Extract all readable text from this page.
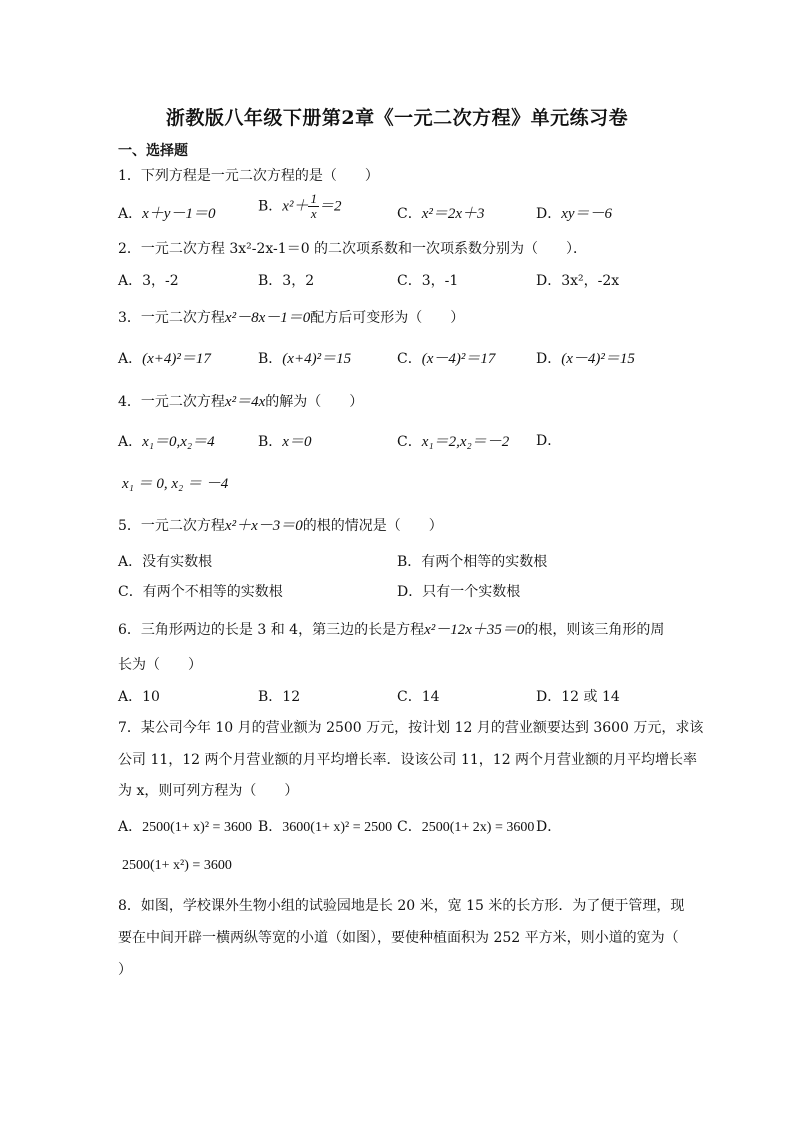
浙教版八年级下册第2章《一元二次方程》单元练习卷
一、选择题
1．下列方程是一元二次方程的是（　　）
A．x＋y－1＝0	B．$x^2+ \frac{1}{x} =2$	C．x²＝2x＋3	D．xy＝－6
2．一元二次方程 3x²-2x-1＝0 的二次项系数和一次项系数分别为（　　）．
A．3，-2	B．3，2	C．3，-1	D．3x²，-2x
3．一元二次方程x²－8x－1＝0配方后可变形为（　　）
A．(x+4)²＝17	B．(x+4)²＝15	C．(x－4)²＝17	D．(x－4)²＝15
4．一元二次方程x²＝4x的解为（　　）
A．x₁＝0,x₂＝4	B．x＝0	C．x₁＝2,x₂＝－2 D．
x₁ ＝ 0, x₂ ＝ －4
5．一元二次方程x²＋x－3＝0的根的情况是（　　）
A．没有实数根	B．有两个相等的实数根
C．有两个不相等的实数根	D．只有一个实数根
6．三角形两边的长是 3 和 4，第三边的长是方程x²－12x＋35＝0的根，则该三角形的周
长为（　　）
A．10	B．12	C．14	D．12 或 14
7．某公司今年 10 月的营业额为 2500 万元，按计划 12 月的营业额要达到 3600 万元，求该
公司 11，12 两个月营业额的月平均增长率．设该公司 11，12 两个月营业额的月平均增长率
为 x，则可列方程为（　　）
A．2500(1+ x)² = 3600 B．3600(1+ x)² = 2500 C．2500(1+ 2x) = 3600 D．
2500(1+ x²) = 3600
8．如图，学校课外生物小组的试验园地是长 20 米，宽 15 米的长方形．为了便于管理，现
要在中间开辟一横两纵等宽的小道（如图），要使种植面积为 252 平方米，则小道的宽为（
）
